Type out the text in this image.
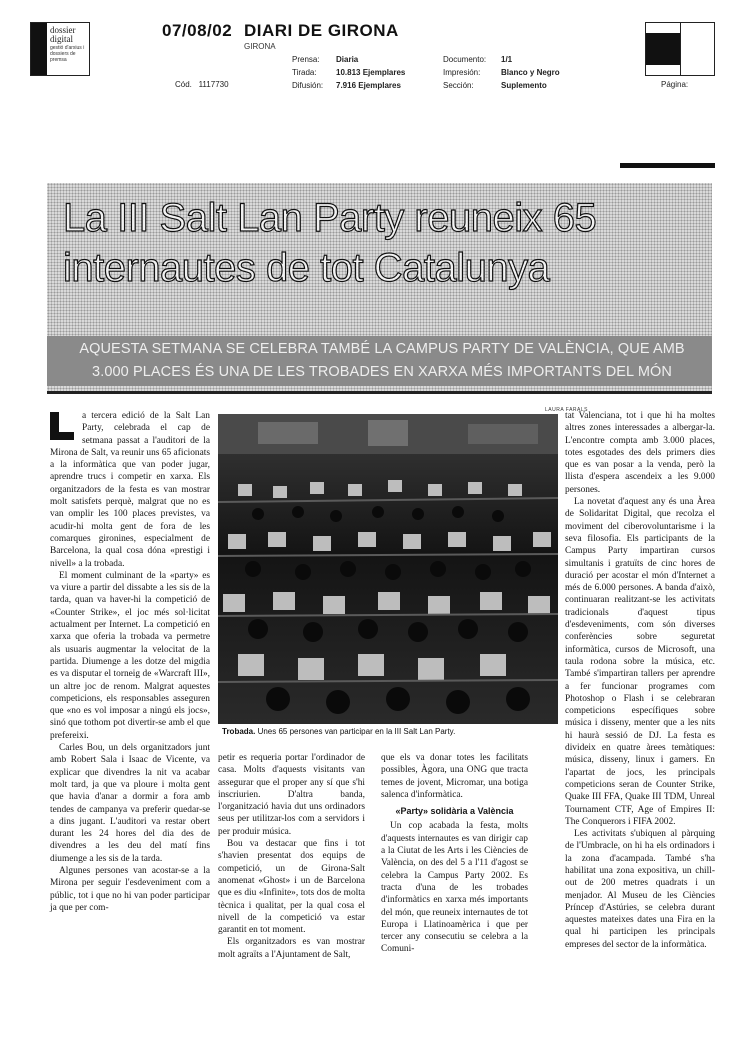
dossier
digital
gestió d'arxius i dossiers de premsa
07/08/02 DIARI DE GIRONA
GIRONA
Prensa:
Tirada:
Difusión:
Diaria
10.813 Ejemplares
7.916 Ejemplares
Documento:
Impresión:
Sección:
1/1
Blanco y Negro
Suplemento
Cód. 1117730	Página:
La III Salt Lan Party reuneix 65 internautes de tot Catalunya
AQUESTA SETMANA SE CELEBRA TAMBÉ LA CAMPUS PARTY DE VALÈNCIA, QUE AMB 3.000 PLACES ÉS UNA DE LES TROBADES EN XARXA MÉS IMPORTANTS DEL MÓN
LAURA FARALS
Trobada. Unes 65 persones van participar en la III Salt Lan Party.

a tercera edició de la Salt Lan Party, celebrada el cap de setmana passat a l'auditori de la Mirona de Salt, va reunir uns 65 aficionats a la informàtica que van poder jugar, aprendre trucs i competir en xarxa. Els organitzadors de la festa es van mostrar molt satisfets perquè, malgrat que no es van omplir les 100 places previstes, va acudir-hi molta gent de fora de les comarques gironines, especialment de Barcelona, la qual cosa dóna «prestigi i nivell» a la trobada.

El moment culminant de la «party» es va viure a partir del dissabte a les sis de la tarda, quan va haver-hi la competició de «Counter Strike», el joc més sol·licitat actualment per Internet. La competició en xarxa que oferia la trobada va permetre als usuaris augmentar la velocitat de la partida. Diumenge a les dotze del migdia es va disputar el torneig de «Warcraft III», un altre joc de renom. Malgrat aquestes competicions, els responsables asseguren que «no es vol imposar a ningú els jocs», sinó que tothom pot divertir-se amb el que prefereixi.

Carles Bou, un dels organitzadors junt amb Robert Sala i Isaac de Vicente, va explicar que divendres la nit va acabar molt tard, ja que va ploure i molta gent que havia d'anar a dormir a fora amb tendes de campanya va preferir quedar-se a dins jugant. L'auditori va restar obert durant les 24 hores del dia des de divendres a les deu del matí fins diumenge a les sis de la tarda.

Algunes persones van acostar-se a la Mirona per seguir l'esdeveniment com a públic, tot i que no hi van poder participar ja que per com-

petir es requeria portar l'ordinador de casa. Molts d'aquests visitants van assegurar que el proper any sí que s'hi inscriurien. D'altra banda, l'organització havia dut uns ordinadors seus per utilitzar-los com a servidors i per produir música.

Bou va destacar que fins i tot s'havien presentat dos equips de competició, un de Girona-Salt anomenat «Ghost» i un de Barcelona que es diu «Infinite», tots dos de molta tècnica i qualitat, per la qual cosa el nivell de la competició va estar garantit en tot moment.

Els organitzadors es van mostrar molt agraïts a l'Ajuntament de Salt,

que els va donar totes les facilitats possibles, Àgora, una ONG que tracta temes de jovent, Micromar, una botiga salenca d'informàtica.

«Party» solidària a València

Un cop acabada la festa, molts d'aquests internautes es van dirigir cap a la Ciutat de les Arts i les Ciències de València, on des del 5 a l'11 d'agost se celebra la Campus Party 2002. Es tracta d'una de les trobades d'informàtics en xarxa més importants del món, que reuneix internautes de tot Europa i Llatinoamèrica i que per tercer any consecutiu se celebra a la Comuni-

tat Valenciana, tot i que hi ha moltes altres zones interessades a albergar-la. L'encontre compta amb 3.000 places, totes esgotades des dels primers dies que es van posar a la venda, però la llista d'espera ascendeix a les 9.000 persones.

La novetat d'aquest any és una Àrea de Solidaritat Digital, que recolza el moviment del ciberovoluntarisme i la seva filosofia. Els participants de la Campus Party impartiran cursos simultanis i gratuïts de cinc hores de duració per acostar el món d'Internet a més de 6.000 persones. A banda d'això, continuaran realitzant-se les activitats tradicionals d'aquest tipus d'esdeveniments, com són diverses conferències sobre seguretat informàtica, cursos de Microsoft, una taula rodona sobre la música, etc. També s'impartiran tallers per aprendre a fer funcionar programes com Photoshop o Flash i se celebraran competicions específiques sobre música i disseny, menter que a les nits hi haurà sessió de DJ. La festa es divideix en quatre àrees temàtiques: música, disseny, linux i gamers. En l'apartat de jocs, les principals competicions seran de Counter Strike, Quake III FFA, Quake III TDM, Unreal Tournament CTF, Age of Empires II: The Conquerors i FIFA 2002.

Les activitats s'ubiquen al pàrquing de l'Umbracle, on hi ha els ordinadors i la zona d'acampada. També s'ha habilitat una zona expositiva, un chill-out de 200 metres quadrats i un menjador. Al Museu de les Ciències Príncep d'Astúries, se celebra durant aquestes mateixes dates una Fira en la qual hi participen les principals empreses del sector de la informàtica.
